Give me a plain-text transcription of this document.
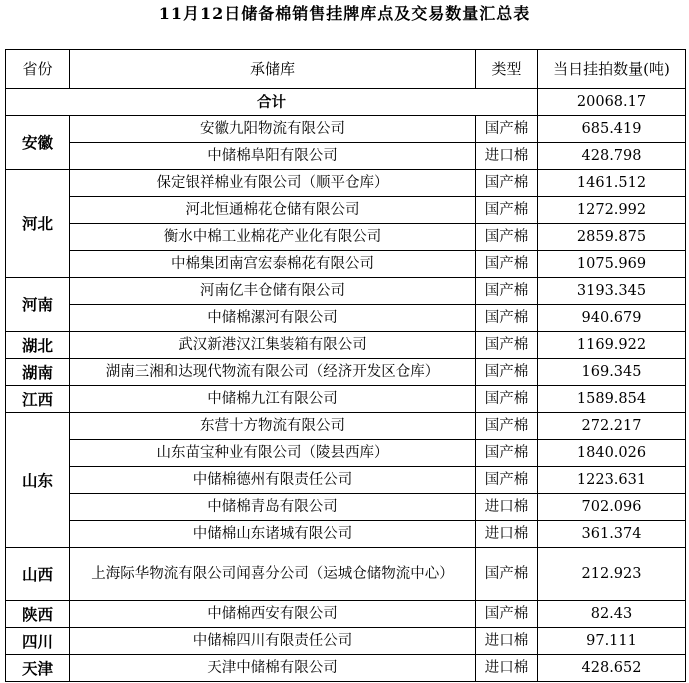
11月12日储备棉销售挂牌库点及交易数量汇总表
省份	承储库	类型	当日挂拍数量(吨)
合计			20068.17
安徽	安徽九阳物流有限公司	国产棉	685.419
	中储棉阜阳有限公司	进口棉	428.798
河北	保定银祥棉业有限公司（顺平仓库）	国产棉	1461.512
	河北恒通棉花仓储有限公司	国产棉	1272.992
	衡水中棉工业棉花产业化有限公司	国产棉	2859.875
	中棉集团南宫宏泰棉花有限公司	国产棉	1075.969
河南	河南亿丰仓储有限公司	国产棉	3193.345
	中储棉漯河有限公司	国产棉	940.679
湖北	武汉新港汉江集装箱有限公司	国产棉	1169.922
湖南	湖南三湘和达现代物流有限公司（经济开发区仓库）	国产棉	169.345
江西	中储棉九江有限公司	国产棉	1589.854
山东	东营十方物流有限公司	国产棉	272.217
	山东苗宝种业有限公司（陵县西库）	国产棉	1840.026
	中储棉德州有限责任公司	国产棉	1223.631
	中储棉青岛有限公司	进口棉	702.096
	中储棉山东诸城有限公司	进口棉	361.374
山西	上海际华物流有限公司闻喜分公司（运城仓储物流中心）	国产棉	212.923
陕西	中储棉西安有限公司	国产棉	82.43
四川	中储棉四川有限责任公司	进口棉	97.111
天津	天津中储棉有限公司	进口棉	428.652
